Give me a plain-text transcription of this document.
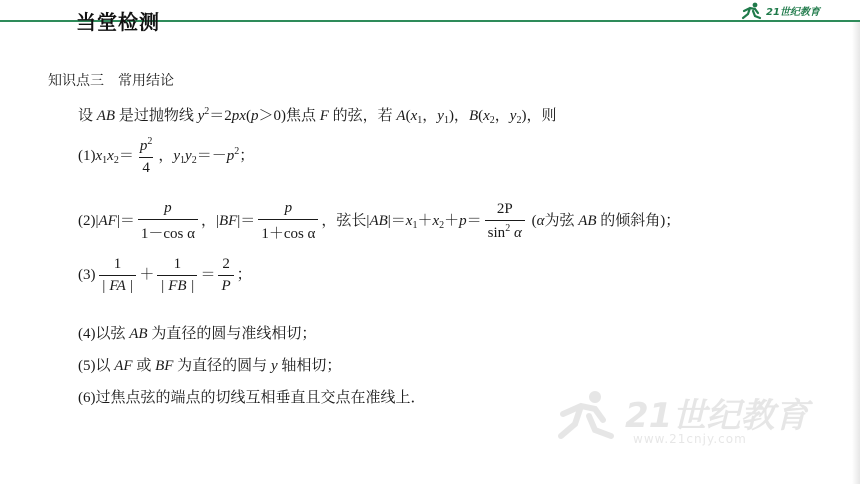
当堂检测	21世纪教育
知识点三　常用结论
设 AB 是过抛物线 $y^2=2px(p>0)$焦点 F 的弦，若 $A(x_1$，$y_1$)，$B(x_2$，$y_2$)，则
$(1)x_1x_2= \frac{p^2}{4}$ ，$y_1y_2=-p^2$；
$(2)|AF|= \frac{p}{\text{1－cos α}}$ ，$|BF|= \frac{p}{\text{1＋cos α}}$ ，弦长$|AB|=x_1+x_2+p= \frac{2P}{\sin^2 \alpha} (\alpha$为弦 AB 的倾斜角)；
$(3) \frac{1}{| FA |} + \frac{1}{| FB |} = \frac{2}{P}$ ；
(4)以弦 AB 为直径的圆与准线相切；
(5)以 AF 或 BF 为直径的圆与 y 轴相切；
(6)过焦点弦的端点的切线互相垂直且交点在准线上．	21世纪教育
www.21cnjy.com
